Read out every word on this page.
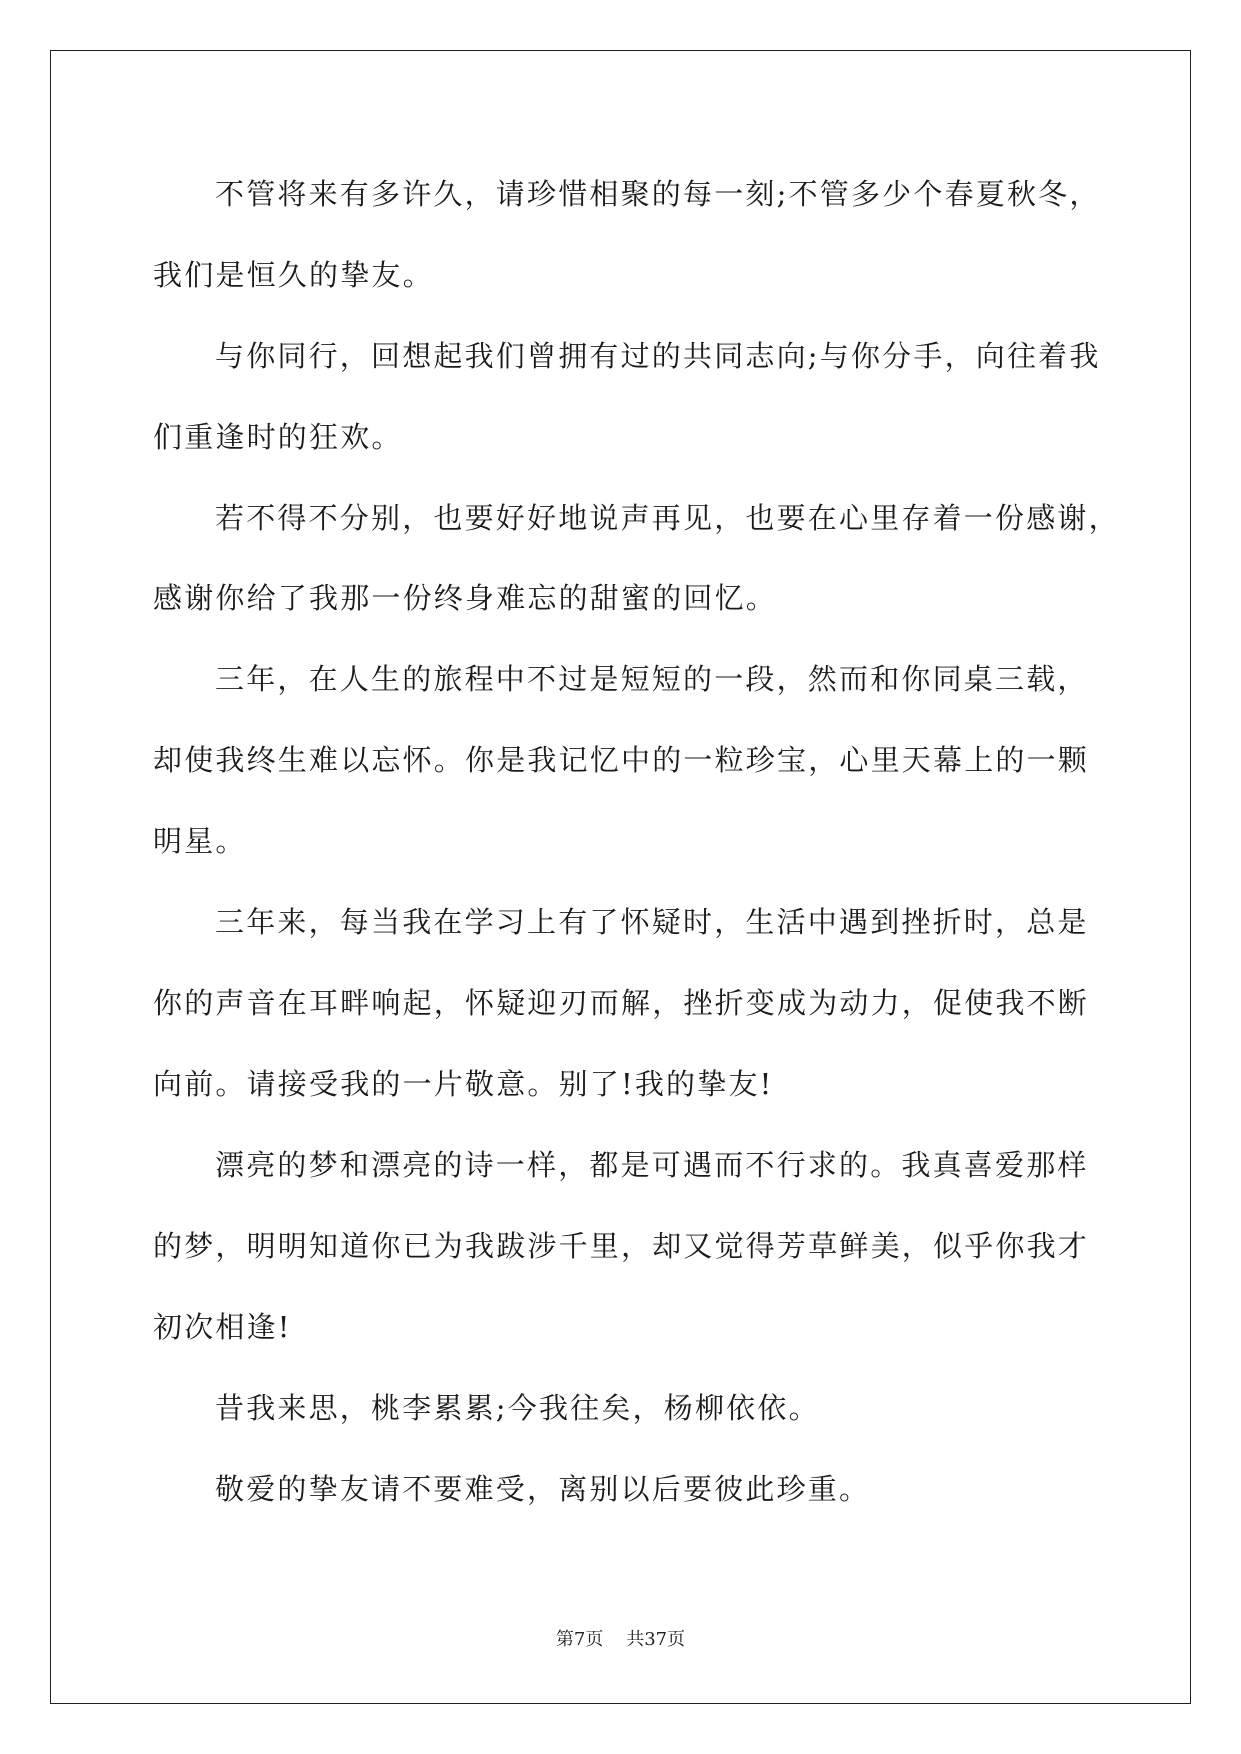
不管将来有多许久，请珍惜相聚的每一刻;不管多少个春夏秋冬，
我们是恒久的挚友。
与你同行，回想起我们曾拥有过的共同志向;与你分手，向往着我
们重逢时的狂欢。
若不得不分别，也要好好地说声再见，也要在心里存着一份感谢，
感谢你给了我那一份终身难忘的甜蜜的回忆。
三年，在人生的旅程中不过是短短的一段，然而和你同桌三载，
却使我终生难以忘怀。你是我记忆中的一粒珍宝，心里天幕上的一颗
明星。
三年来，每当我在学习上有了怀疑时，生活中遇到挫折时，总是
你的声音在耳畔响起，怀疑迎刃而解，挫折变成为动力，促使我不断
向前。请接受我的一片敬意。别了!我的挚友!
漂亮的梦和漂亮的诗一样，都是可遇而不行求的。我真喜爱那样
的梦，明明知道你已为我跋涉千里，却又觉得芳草鲜美，似乎你我才
初次相逢!
昔我来思，桃李累累;今我往矣，杨柳依依。
敬爱的挚友请不要难受，离别以后要彼此珍重。
第7页 共37页
